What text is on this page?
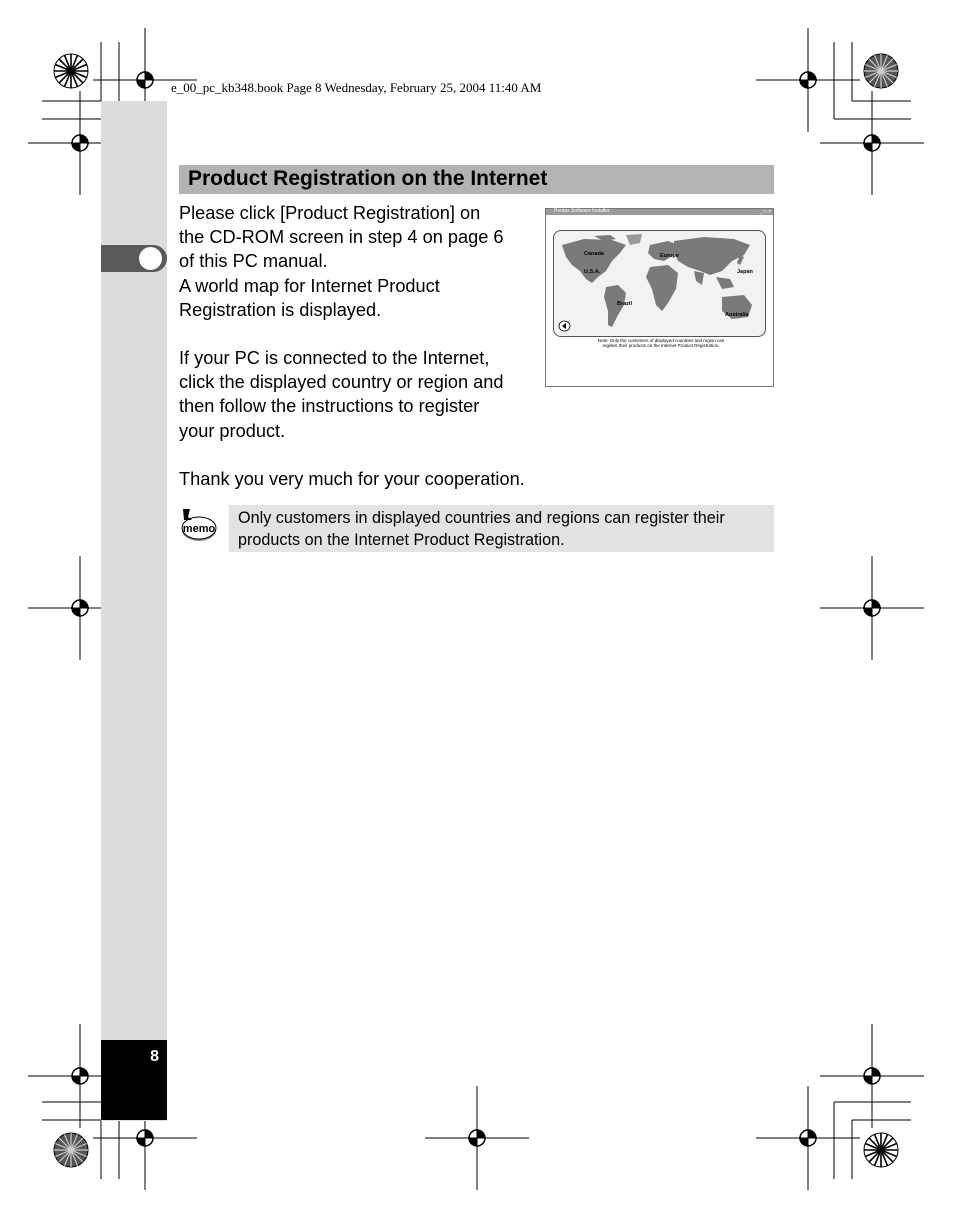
8
e_00_pc_kb348.book Page 8 Wednesday, February 25, 2004 11:40 AM
Product Registration on the Internet
Please click [Product Registration] on
the CD-ROM screen in step 4 on page 6
of this PC manual.
A world map for Internet Product
Registration is displayed.
If your PC is connected to the Internet,
click the displayed country or region and
then follow the instructions to register
your product.
Thank you very much for your cooperation.
memo
Only customers in displayed countries and regions can register their
products on the Internet Product Registration.
Pentax Software Installer	_ □ ×
Canada
U.S.A.
Europe
Japan
Brazil
Australia
Note: Only the customers of displayed countries and region can
register their products on the Internet Product Registration.
